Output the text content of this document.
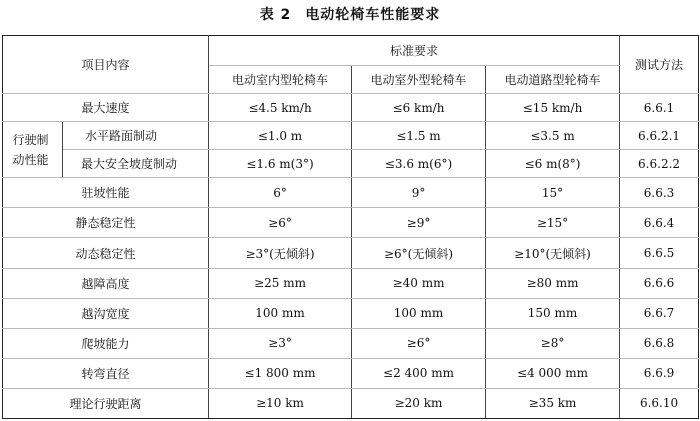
表 2 电动轮椅车性能要求
项目内容		标准要求			测试方法
		电动室内型轮椅车	电动室外型轮椅车	电动道路型轮椅车	
最大速度		≤4.5 km/h	≤6 km/h	≤15 km/h	6.6.1

行驶制动性能	水平路面制动	≤1.0 m	≤1.5 m	≤3.5 m	6.6.2.1
	最大安全坡度制动	≤1.6 m(3°)	≤3.6 m(6°)	≤6 m(8°)	6.6.2.2
驻坡性能		6°	9°	15°	6.6.3
静态稳定性		≥6°	≥9°	≥15°	6.6.4
动态稳定性		≥3°(无倾斜)	≥6°(无倾斜)	≥10°(无倾斜)	6.6.5
越障高度		≥25 mm	≥40 mm	≥80 mm	6.6.6
越沟宽度		100 mm	100 mm	150 mm	6.6.7
爬坡能力		≥3°	≥6°	≥8°	6.6.8
转弯直径		≤1 800 mm	≤2 400 mm	≤4 000 mm	6.6.9
理论行驶距离		≥10 km	≥20 km	≥35 km	6.6.10
